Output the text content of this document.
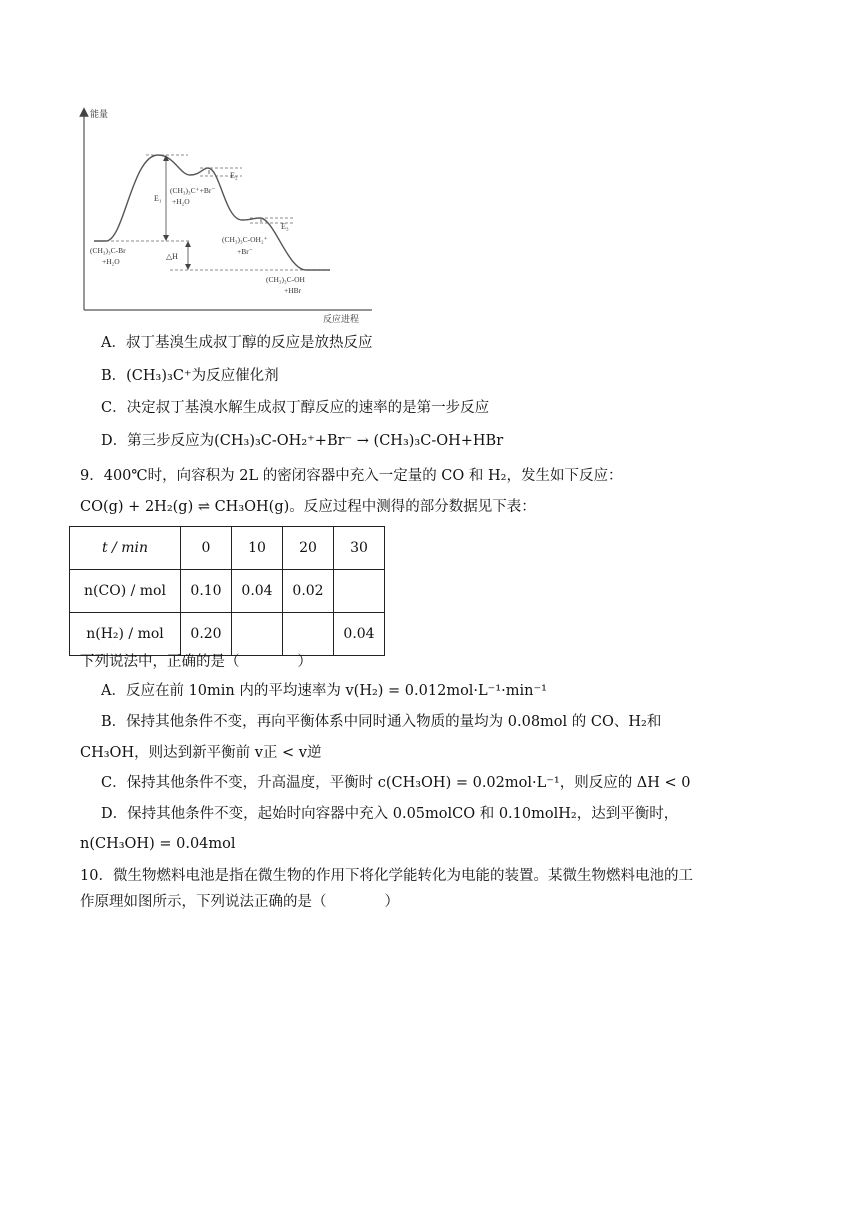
能量
反应进程
E₁
E₂
E₃
△H
(CH₃)₃C-Br
+H₂O
(CH₃)₃C⁺+Br⁻
+H₂O
(CH₃)₃C-OH₂⁺
+Br⁻
(CH₃)₃C-OH
+HBr
A．叔丁基溴生成叔丁醇的反应是放热反应
B．(CH₃)₃C⁺为反应催化剂
C．决定叔丁基溴水解生成叔丁醇反应的速率的是第一步反应
D．第三步反应为(CH₃)₃C-OH₂⁺+Br⁻ → (CH₃)₃C-OH+HBr
9．400℃时，向容积为 2L 的密闭容器中充入一定量的 CO 和 H₂，发生如下反应：
CO(g) + 2H₂(g) ⇌ CH₃OH(g)。反应过程中测得的部分数据见下表：
t / min	0	10	20	30
n(CO) / mol	0.10	0.04	0.02	
n(H₂) / mol	0.20			0.04
下列说法中，正确的是（　　　　）
A．反应在前 10min 内的平均速率为 v(H₂) = 0.012mol·L⁻¹·min⁻¹
B．保持其他条件不变，再向平衡体系中同时通入物质的量均为 0.08mol 的 CO、H₂和
CH₃OH，则达到新平衡前 v正 < v逆
C．保持其他条件不变，升高温度，平衡时 c(CH₃OH) = 0.02mol·L⁻¹，则反应的 ΔH < 0
D．保持其他条件不变，起始时向容器中充入 0.05molCO 和 0.10molH₂，达到平衡时，
n(CH₃OH) = 0.04mol
10．微生物燃料电池是指在微生物的作用下将化学能转化为电能的装置。某微生物燃料电池的工
作原理如图所示，下列说法正确的是（　　　　）
